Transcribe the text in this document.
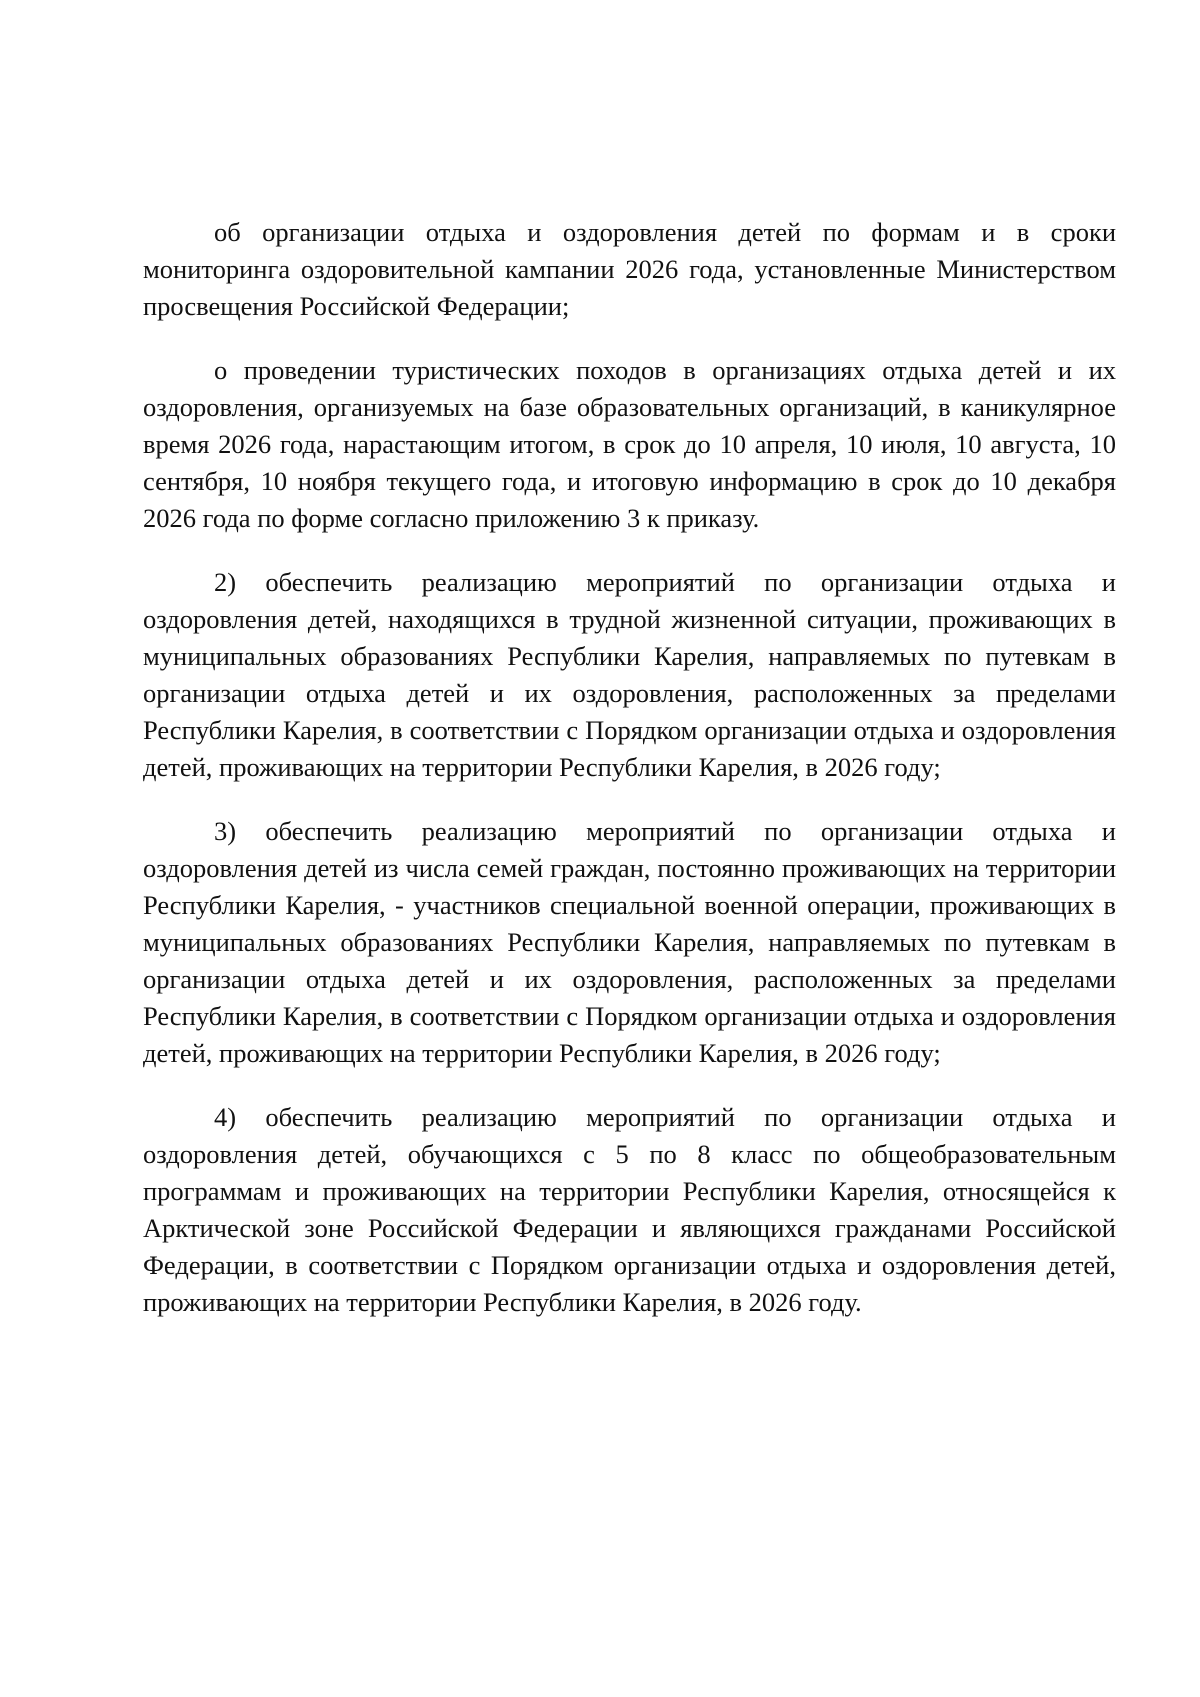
об организации отдыха и оздоровления детей по формам и в сроки мониторинга оздоровительной кампании 2026 года, установленные Министерством просвещения Российской Федерации;

о проведении туристических походов в организациях отдыха детей и их оздоровления, организуемых на базе образовательных организаций, в каникулярное время 2026 года, нарастающим итогом, в срок до 10 апреля, 10 июля, 10 августа, 10 сентября, 10 ноября текущего года, и итоговую информацию в срок до 10 декабря 2026 года по форме согласно приложению 3 к приказу.

2) обеспечить реализацию мероприятий по организации отдыха и оздоровления детей, находящихся в трудной жизненной ситуации, проживающих в муниципальных образованиях Республики Карелия, направляемых по путевкам в организации отдыха детей и их оздоровления, расположенных за пределами Республики Карелия, в соответствии с Порядком организации отдыха и оздоровления детей, проживающих на территории Республики Карелия, в 2026 году;

3) обеспечить реализацию мероприятий по организации отдыха и оздоровления детей из числа семей граждан, постоянно проживающих на территории Республики Карелия, - участников специальной военной операции, проживающих в муниципальных образованиях Республики Карелия, направляемых по путевкам в организации отдыха детей и их оздоровления, расположенных за пределами Республики Карелия, в соответствии с Порядком организации отдыха и оздоровления детей, проживающих на территории Республики Карелия, в 2026 году;

4) обеспечить реализацию мероприятий по организации отдыха и оздоровления детей, обучающихся с 5 по 8 класс по общеобразовательным программам и проживающих на территории Республики Карелия, относящейся к Арктической зоне Российской Федерации и являющихся гражданами Российской Федерации, в соответствии с Порядком организации отдыха и оздоровления детей, проживающих на территории Республики Карелия, в 2026 году.
